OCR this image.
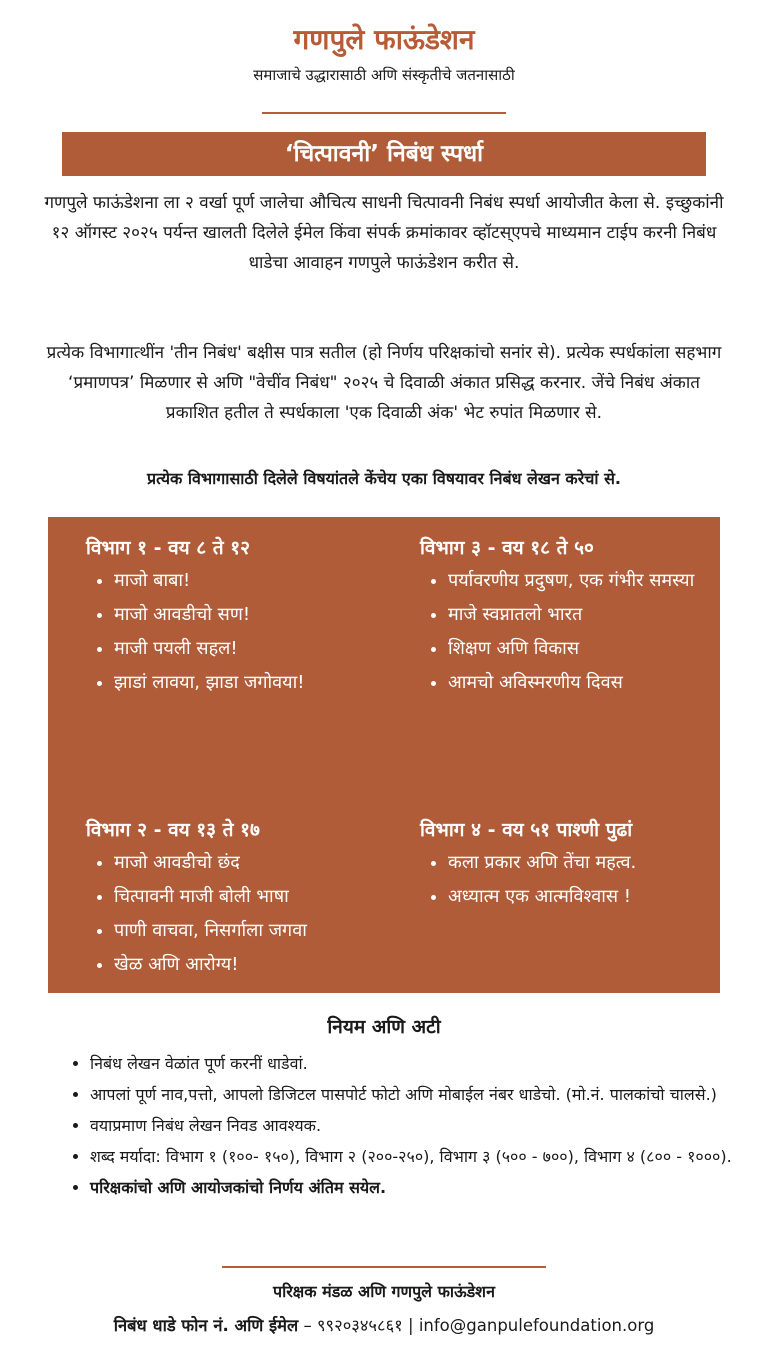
गणपुले फाऊंडेशन
समाजाचे उद्धारासाठी अणि संस्कृतीचे जतनासाठी
‘चित्पावनी’ निबंध स्पर्धा
गणपुले फाऊंडेशना ला २ वर्खा पूर्ण जालेचा औचित्य साधनी चित्पावनी निबंध स्पर्धा आयोजीत केला से. इच्छुकांनी १२ ऑगस्ट २०२५ पर्यन्त खालती दिलेले ईमेल किंवा संपर्क क्रमांकावर व्हॉटस्एपचे माध्यमान टाईप करनी निबंध धाडेचा आवाहन गणपुले फाऊंडेशन करीत से.
प्रत्येक विभागात्थींन 'तीन निबंध' बक्षीस पात्र सतील (हो निर्णय परिक्षकांचो सनांर से). प्रत्येक स्पर्धकांला सहभाग ‘प्रमाणपत्र’ मिळणार से अणि "वेचींव निबंध" २०२५ चे दिवाळी अंकात प्रसिद्ध करनार. जेंचे निबंध अंकात प्रकाशित हतील ते स्पर्धकाला 'एक दिवाळी अंक' भेट रुपांत मिळणार से.
प्रत्येक विभागासाठी दिलेले विषयांतले केंचेय एका विषयावर निबंध लेखन करेचां से.
विभाग १ - वय ८ ते १२
• माजो बाबा!
• माजो आवडीचो सण!
• माजी पयली सहल!
• झाडां लावया, झाडा जगोवया!
विभाग ३ - वय १८ ते ५०
• पर्यावरणीय प्रदुषण, एक गंभीर समस्या
• माजे स्वप्नातलो भारत
• शिक्षण अणि विकास
• आमचो अविस्मरणीय दिवस
विभाग २ - वय १३ ते १७
• माजो आवडीचो छंद
• चित्पावनी माजी बोली भाषा
• पाणी वाचवा, निसर्गाला जगवा
• खेळ अणि आरोग्य!
विभाग ४ - वय ५१ पाश्णी पुढां
• कला प्रकार अणि तेंचा महत्व.
• अध्यात्म एक आत्मविश्वास !
नियम अणि अटी
• निबंध लेखन वेळांत पूर्ण करनीं धाडेवां.
• आपलां पूर्ण नाव,पत्तो, आपलो डिजिटल पासपोर्ट फोटो अणि मोबाईल नंबर धाडेचो. (मो.नं. पालकांचो चालसे.)
• वयाप्रमाण निबंध लेखन निवड आवश्यक.
• शब्द मर्यादा: विभाग १ (१००- १५०), विभाग २ (२००-२५०), विभाग ३ (५०० - ७००), विभाग ४ (८०० - १०००).
• परिक्षकांचो अणि आयोजकांचो निर्णय अंतिम सयेल.
परिक्षक मंडळ अणि गणपुले फाऊंडेशन
निबंध धाडे फोन नं. अणि ईमेल – ९९२०३४५८६१ | info@ganpulefoundation.org
